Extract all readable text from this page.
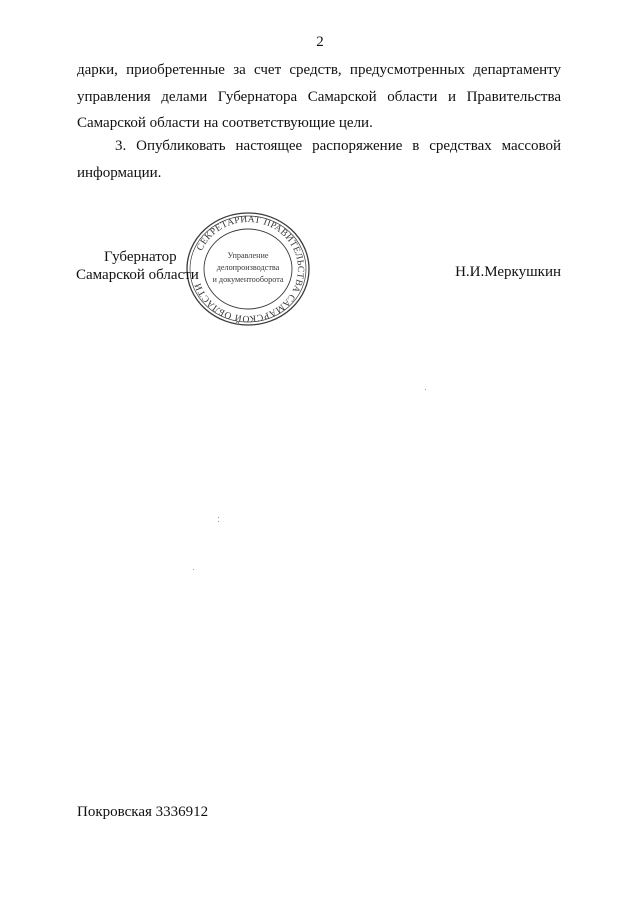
2

дарки, приобретенные за счет средств, предусмотренных департаменту управления делами Губернатора Самарской области и Правительства Самарской области на соответствующие цели.

3. Опубликовать настоящее распоряжение в средствах массовой информации.

СЕКРЕТАРИАТ ПРАВИТЕЛЬСТВА САМАРСКОЙ ОБЛАСТИ
Управление
делопроизводства
и документооборота
Губернатор
Самарской области	Н.И.Меркушкин
Покровская 3336912
